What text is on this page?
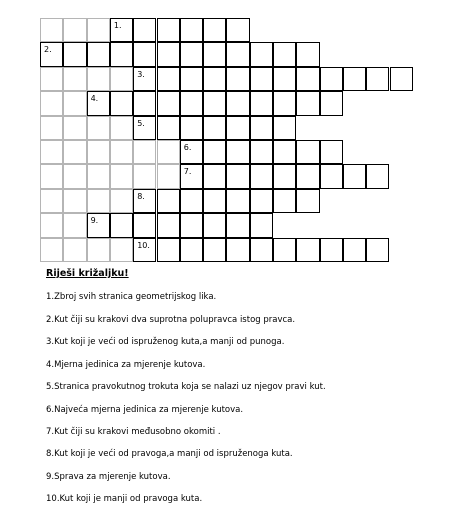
1.
2.
3.
4.
5.
6.
7.
8.
9.
10.
Riješi križaljku!
1.Zbroj svih stranica geometrijskog lika.
2.Kut čiji su krakovi dva suprotna polupravca istog pravca.
3.Kut koji je veći od ispruženog kuta,a manji od punoga.
4.Mjerna jedinica za mjerenje kutova.
5.Stranica pravokutnog trokuta koja se nalazi uz njegov pravi kut.
6.Najveća mjerna jedinica za mjerenje kutova.
7.Kut čiji su krakovi međusobno okomiti .
8.Kut koji je veći od pravoga,a manji od ispruženoga kuta.
9.Sprava za mjerenje kutova.
10.Kut koji je manji od pravoga kuta.
